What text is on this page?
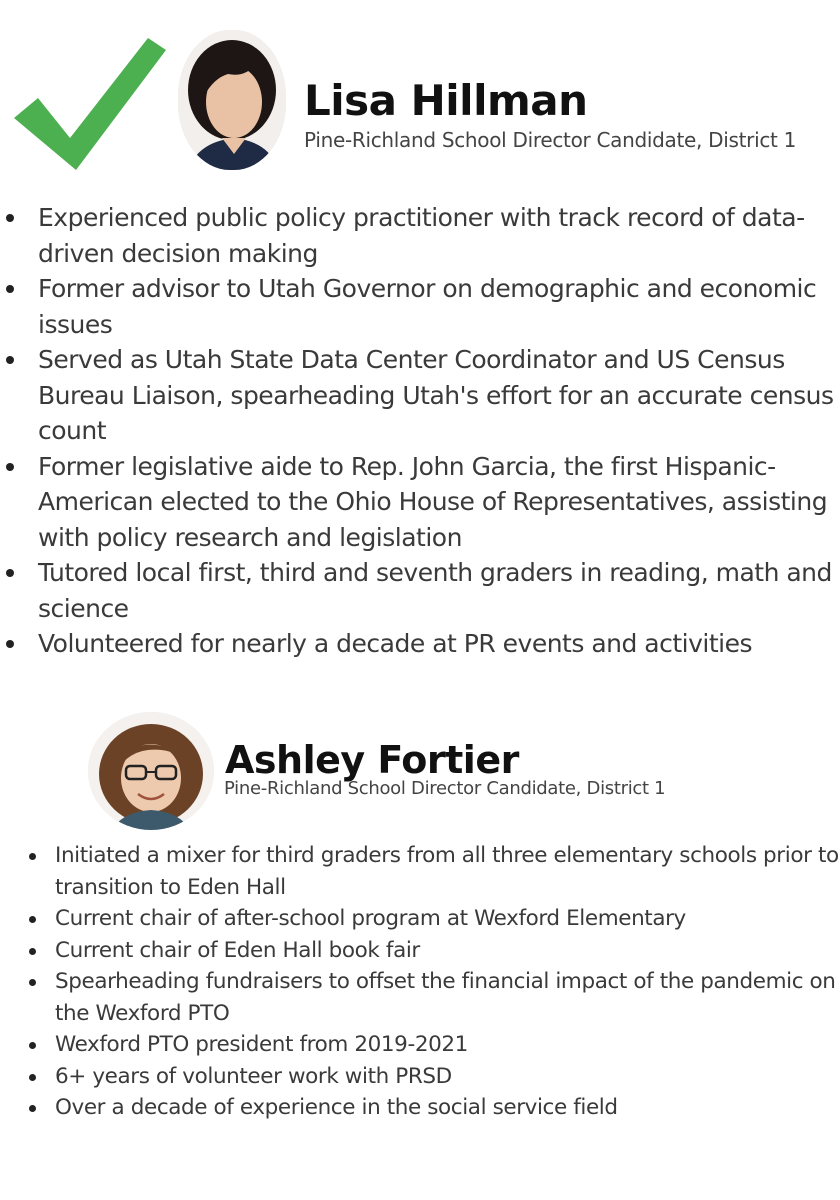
Lisa Hillman
Pine-Richland School Director Candidate, District 1
Experienced public policy practitioner with track record of data-driven decision making
Former advisor to Utah Governor on demographic and economic issues
Served as Utah State Data Center Coordinator and US Census Bureau Liaison, spearheading Utah's effort for an accurate census count
Former legislative aide to Rep. John Garcia, the first Hispanic-American elected to the Ohio House of Representatives, assisting with policy research and legislation
Tutored local first, third and seventh graders in reading, math and science
Volunteered for nearly a decade at PR events and activities
Ashley Fortier
Pine-Richland School Director Candidate, District 1
Initiated a mixer for third graders from all three elementary schools prior to transition to Eden Hall
Current chair of after-school program at Wexford Elementary
Current chair of Eden Hall book fair
Spearheading fundraisers to offset the financial impact of the pandemic on the Wexford PTO
Wexford PTO president from 2019-2021
6+ years of volunteer work with PRSD
Over a decade of experience in the social service field
